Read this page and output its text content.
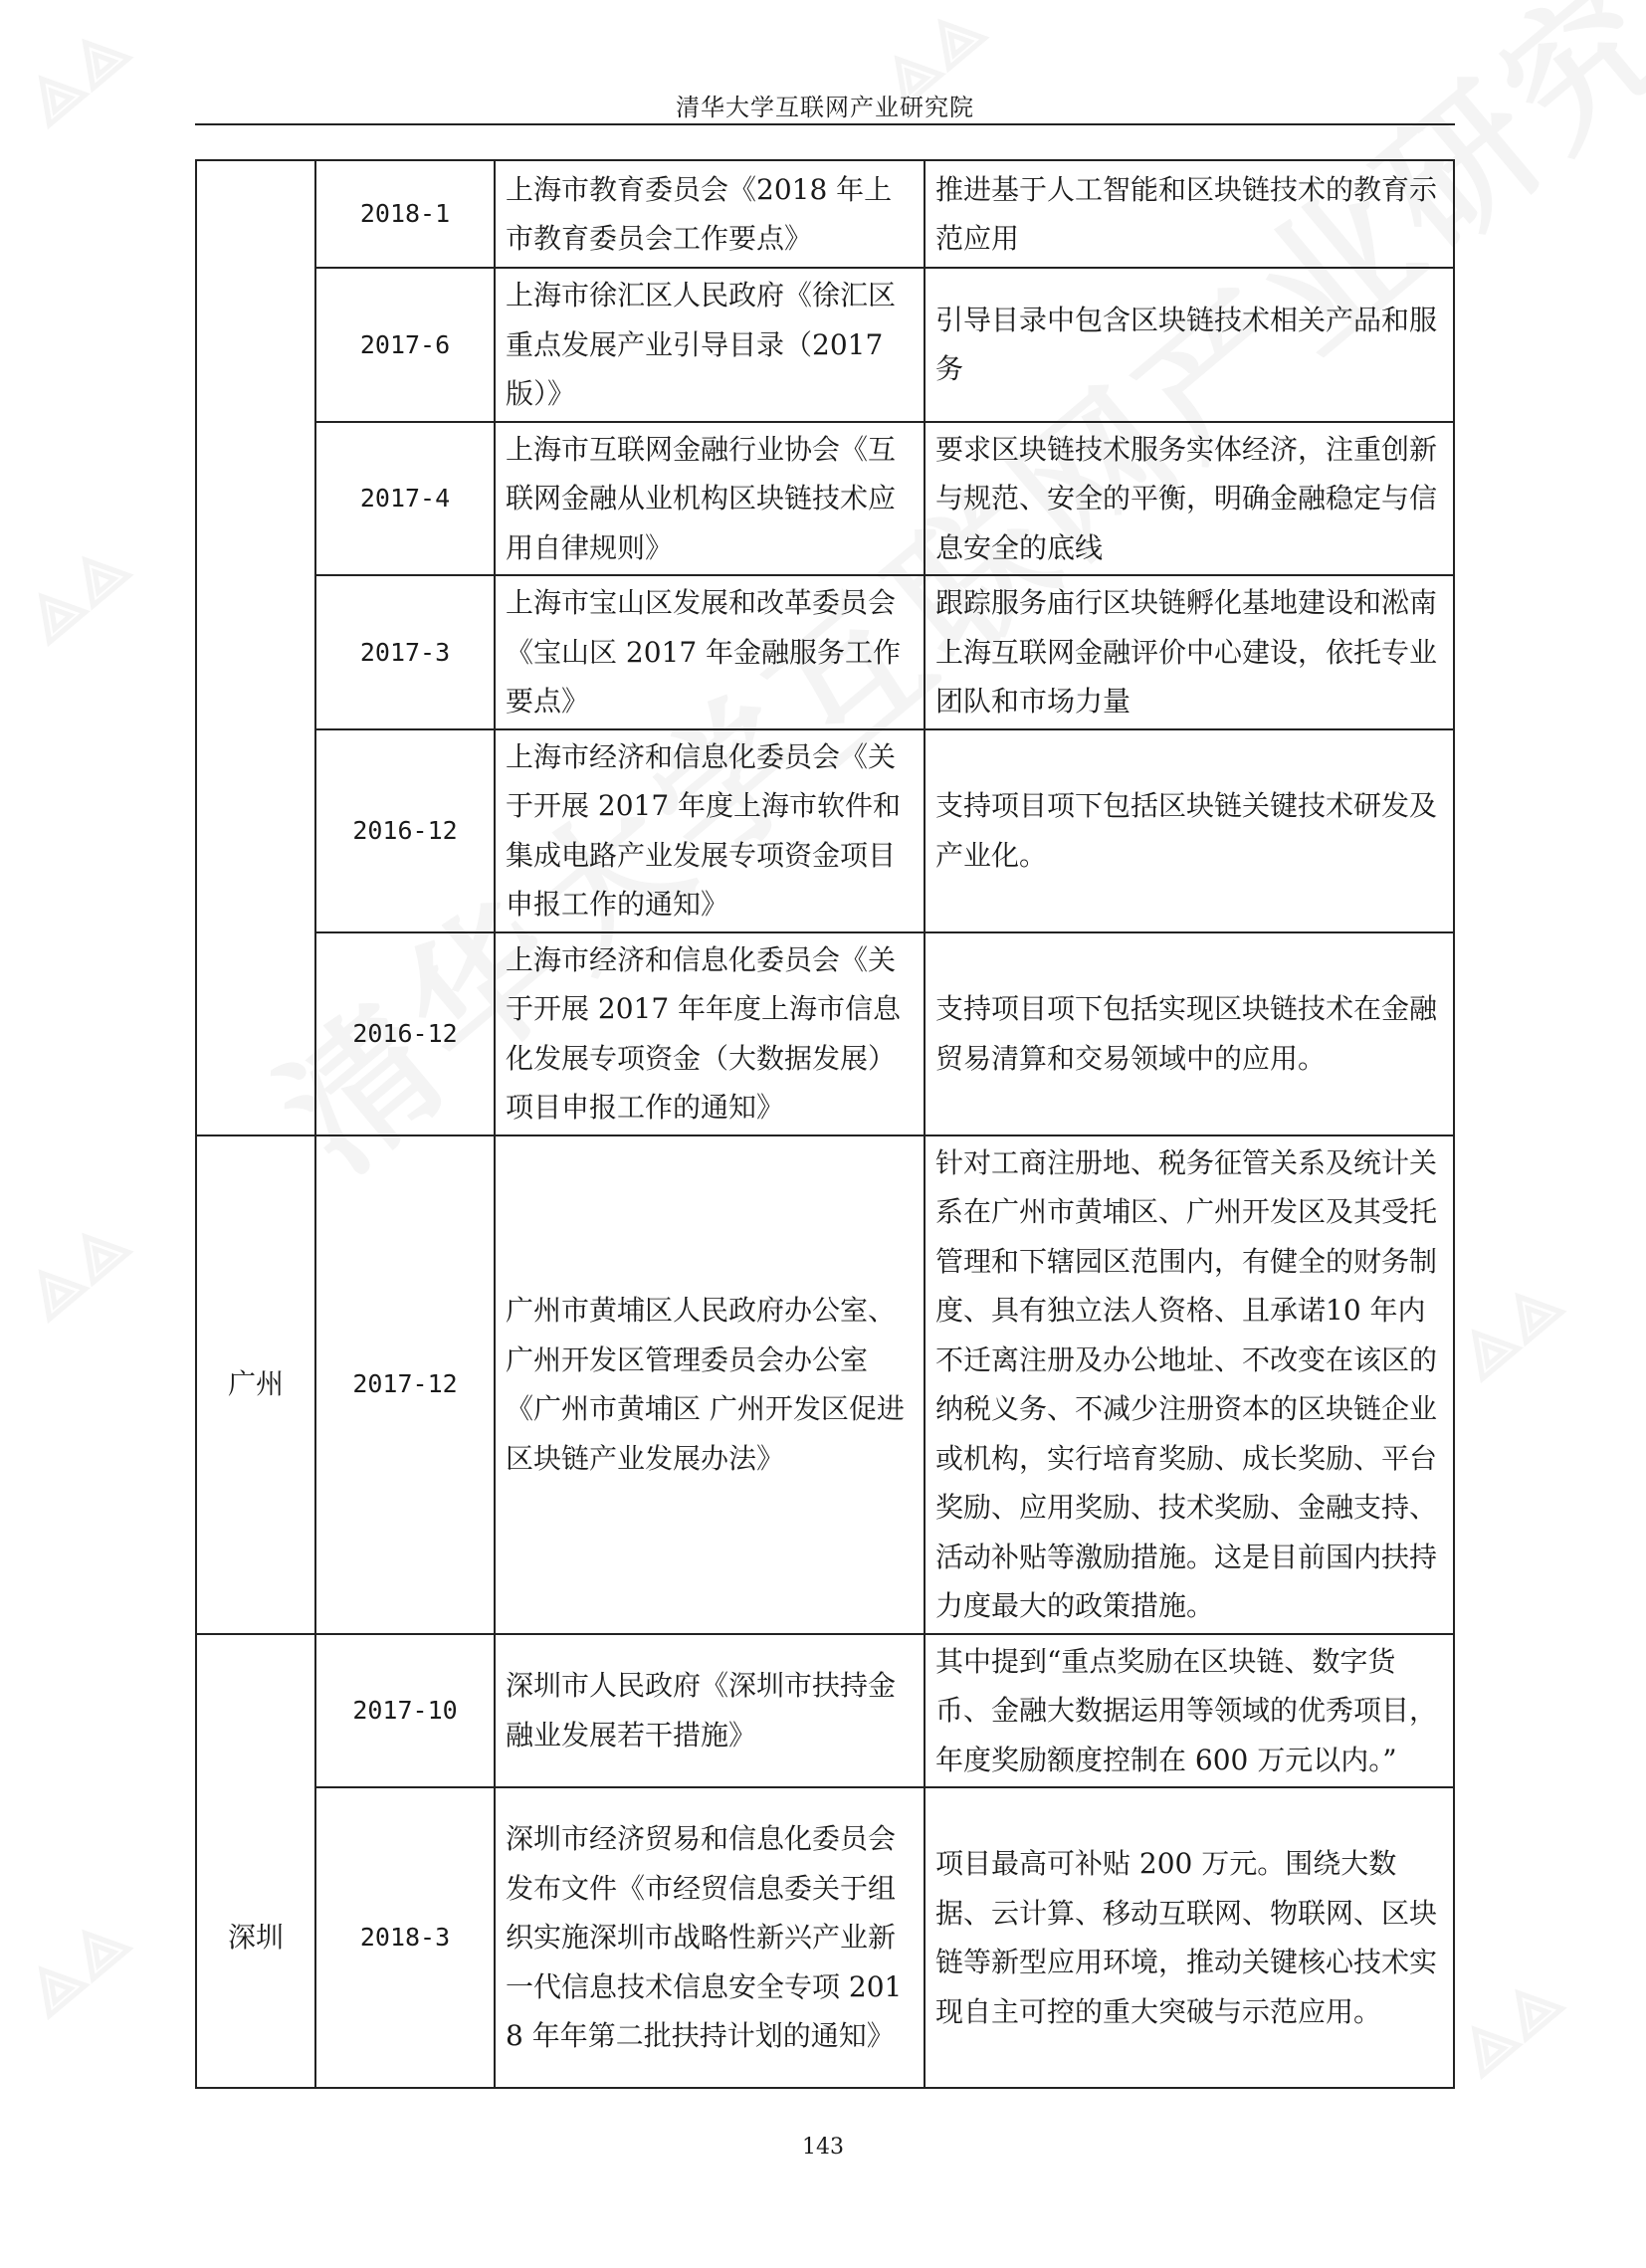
清华大学互联网产业研究院
	2018-1	上海市教育委员会《2018 年上市教育委员会工作要点》	推进基于人工智能和区块链技术的教育示范应用
	2017-6	上海市徐汇区人民政府《徐汇区重点发展产业引导目录（2017 版）》	引导目录中包含区块链技术相关产品和服务
	2017-4	上海市互联网金融行业协会《互联网金融从业机构区块链技术应用自律规则》	要求区块链技术服务实体经济，注重创新与规范、安全的平衡，明确金融稳定与信息安全的底线
	2017-3	上海市宝山区发展和改革委员会《宝山区 2017 年金融服务工作要点》	跟踪服务庙行区块链孵化基地建设和淞南上海互联网金融评价中心建设，依托专业团队和市场力量
	2016-12	上海市经济和信息化委员会《关于开展 2017 年度上海市软件和集成电路产业发展专项资金项目申报工作的通知》	支持项目项下包括区块链关键技术研发及产业化。
	2016-12	上海市经济和信息化委员会《关于开展 2017 年年度上海市信息化发展专项资金（大数据发展）项目申报工作的通知》	支持项目项下包括实现区块链技术在金融贸易清算和交易领域中的应用。
广州	2017-12	广州市黄埔区人民政府办公室、广州开发区管理委员会办公室《广州市黄埔区 广州开发区促进区块链产业发展办法》	针对工商注册地、税务征管关系及统计关系在广州市黄埔区、广州开发区及其受托管理和下辖园区范围内，有健全的财务制度、具有独立法人资格、且承诺10 年内不迁离注册及办公地址、不改变在该区的纳税义务、不减少注册资本的区块链企业或机构，实行培育奖励、成长奖励、平台奖励、应用奖励、技术奖励、金融支持、活动补贴等激励措施。这是目前国内扶持力度最大的政策措施。
	2017-10	深圳市人民政府《深圳市扶持金融业发展若干措施》	其中提到“重点奖励在区块链、数字货币、金融大数据运用等领域的优秀项目，年度奖励额度控制在 600 万元以内。”
深圳	2018-3	深圳市经济贸易和信息化委员会发布文件《市经贸信息委关于组织实施深圳市战略性新兴产业新一代信息技术信息安全专项 2018 年年第二批扶持计划的通知》	项目最高可补贴 200 万元。围绕大数据、云计算、移动互联网、物联网、区块链等新型应用环境，推动关键核心技术实现自主可控的重大突破与示范应用。
143
